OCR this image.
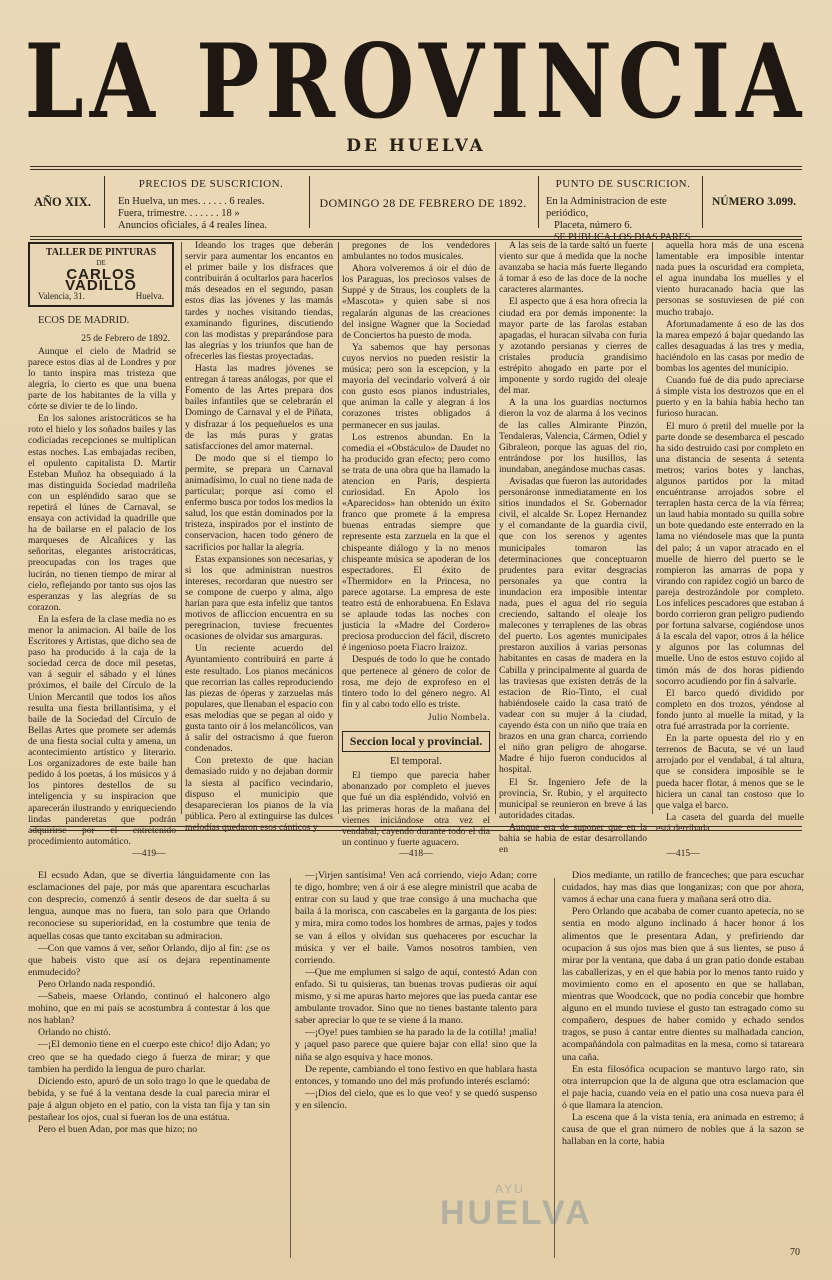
LA PROVINCIA
DE HUELVA
AÑO XIX.
PRECIOS DE SUSCRICION.
En Huelva, un mes. . . . . . 6 reales.
Fuera, trimestre. . . . . . . 18 »
Anuncios oficiales, á 4 reales línea.
DOMINGO 28 DE FEBRERO DE 1892.
PUNTO DE SUSCRICION.
En la Administracion de este periódico,
Placeta, número 6.
SE PUBLICA LOS DIAS PARES.
NÚMERO 3.099.
TALLER DE PINTURAS
DE
CARLOS VADILLO
Valencia, 31.	Huelva.
ECOS DE MADRID.
25 de Febrero de 1892.

Aunque el cielo de Madrid se parece estos dias al de Londres y por lo tanto inspira mas tristeza que alegría, lo cierto es que una buena parte de los habitantes de la villa y córte se divier te de lo lindo.

En los salones aristocráticos se ha roto el hielo y los soñados bailes y las codiciadas recepciones se multiplican estas noches. Las embajadas reciben, el opulento capitalista D. Martir Esteban Muñoz ha obsequiado á la mas distinguida Sociedad madrileña con un espléndido sarao que se repetirá el lúnes de Carnaval, se ensaya con actividad la quadrille que ha de bailarse en el palacio de los marqueses de Alcañices y las señoritas, elegantes aristocráticas, preocupadas con los trages que lucirán, no tienen tiempo de mirar al cielo, reflejando por tanto sus ojos las esperanzas y las alegrías de su corazon.

En la esfera de la clase media no es menor la animacion. Al baile de los Escritores y Artistas, que dicho sea de paso ha producido á la caja de la sociedad cerca de doce mil pesetas, van á seguir el sábado y el lúnes próximos, el baile del Círculo de la Union Mercantil que todos los años resulta una fiesta brillantísima, y el baile de la Sociedad del Círculo de Bellas Artes que promete ser además de una fiesta social culta y amena, un acontecimiento artístico y literario. Los organizadores de este baile han pedido á los poetas, á los músicos y á los pintores destellos de su inteligencia y su inspiracion que aparecerán ilustrando y enriqueciendo lindas panderetas que podrán adquirirse por el entretenido procedimiento automático.

Ideando los trages que deberán servir para aumentar los encantos en el primer baile y los disfraces que contribuirán á ocultarlos para hacerlos más deseados en el segundo, pasan estos dias las jóvenes y las mamás tardes y noches visitando tiendas, examinando figurines, discutiendo con las modistas y preparándose para las alegrías y los triunfos que han de ofrecerles las fiestas proyectadas.

Hasta las madres jóvenes se entregan á tareas análogas, por que el Fomento de las Artes prepara dos bailes infantiles que se celebrarán el Domingo de Carnaval y el de Piñata, y disfrazar á los pequeñuelos es una de las más puras y gratas satisfacciones del amor maternal.

De modo que si el tiempo lo permite, se prepara un Carnaval animadísimo, lo cual no tiene nada de particular; porque así como el enfermo busca por todos los medios la salud, los que están dominados por la tristeza, inspirados por el instinto de conservacion, hacen todo género de sacrificios por hallar la alegría.

Estas expansiones son necesarias, y si los que administran nuestros intereses, recordaran que nuestro ser se compone de cuerpo y alma, algo harían para que esta infeliz que tantos motivos de afliccion encuentra en su peregrinacion, tuviese frecuentes ocasiones de olvidar sus amarguras.

Un reciente acuerdo del Ayuntamiento contribuirá en parte á este resultado. Los pianos mecánicos que recorrian las calles reproduciendo las piezas de óperas y zarzuelas más populares, que llenaban el espacio con esas melodías que se pegan al oido y gusta tanto oir á los melancólicos, van á salir del ostracismo á que fueron condenados.

Con pretexto de que hacian demasiado ruido y no dejaban dormir la siesta al pacífico vecindario, dispuso el municipio que desaparecieran los pianos de la vía pública. Pero al extinguirse las dulces melodías quedaron esos cánticos y

pregones de los vendedores ambulantes no todos musicales.

Ahora volveremos á oir el dúo de los Paraguas, los preciosos valses de Suppé y de Straus, los couplets de la «Mascota» y quien sabe si nos regalarán algunas de las creaciones del insigne Wagner que la Sociedad de Conciertos ha puesto de moda.

Ya sabemos que hay personas cuyos nervios no pueden resistir la música; pero son la escepcion, y la mayoria del vecindario volverá á oir con gusto esos pianos industriales, que animan la calle y alegran á los corazones tristes obligados á permanecer en sus jaulas.

Los estrenos abundan. En la comedia el «Obstáculo» de Daudet no ha producido gran efecto; pero como se trata de una obra que ha llamado la atencion en París, despierta curiosidad. En Apolo los «Aparecidos» han obtenido un éxito franco que promete á la empresa buenas entradas siempre que represente esta zarzuela en la que el chispeante diálogo y la no menos chispeante música se apoderan de los espectadores. El éxito de «Thermidor» en la Princesa, no parece agotarse. La empresa de este teatro está de enhorabuena. En Eslava se aplaude todas las noches con justicia la «Madre del Cordero» preciosa produccion del fácil, discreto é ingenioso poeta Fiacro Iraizoz.

Después de todo lo que he contado que pertenece al género de color de rosa, me dejo de exprofeso en el tintero todo lo del género negro. Al fin y al cabo todo ello es triste.

Julio Nombela.
Seccion local y provincial.
El temporal.

El tiempo que parecia haber abonanzado por completo el jueves que fué un dia espléndido, volvió en las primeras horas de la mañana del viernes iniciándose otra vez el vendabal, cayendo durante todo el dia un continuo y fuerte aguacero.

A las seis de la tarde saltó un fuerte viento sur que á medida que la noche avanzaba se hacia más fuerte llegando á tomar á eso de las doce de la noche caracteres alarmantes.

El aspecto que á esa hora ofrecia la ciudad era por demás imponente: la mayor parte de las farolas estaban apagadas, el huracan silvaba con furia y azotando persianas y cierres de cristales producía grandísimo estrépito ahogado en parte por el imponente y sordo rugido del oleaje del mar.

A la una los guardias nocturnos dieron la voz de alarma á los vecinos de las calles Almirante Pinzón, Tendaleras, Valencia, Cármen, Odiel y Gibraleon, porque las aguas del rio, entrándose por los husillos, las inundaban, anegándose muchas casas.

Avisadas que fueron las autoridades personáronse inmediatamente en los sitios inundados el Sr. Gobernador civil, el alcalde Sr. Lopez Hernandez y el comandante de la guardia civil, que con los serenos y agentes municipales tomaron las determinaciones que conceptuaron prudentes para evitar desgracias personales ya que contra la inundacion era imposible intentar nada, pues el agua del rio seguia creciendo, saltando el oleaje los malecones y terraplenes de las obras del puerto. Los agentes municipales prestaron auxilios á varias personas habitantes en casas de madera en la Cabilla y principalmente al guarda de las traviesas que existen detrás de la estacion de Rio-Tinto, el cual habiéndosele caido la casa trató de vadear con su mujer á la ciudad, cayendo ésta con un niño que traía en brazos en una gran charca, corriendo el niño gran peligro de ahogarse. Madre é hijo fueron conducidos al hospital.

El Sr. Ingeniero Jefe de la provincia, Sr. Rubio, y el arquitecto municipal se reunieron en breve á las autoridades citadas.

Aunque era de suponer que en la bahía se habia de estar desarrollando en

aquella hora más de una escena lamentable era imposible intentar nada pues la oscuridad era completa, el agua inundaba los muelles y el viento huracanado hacia que las personas se sostuviesen de pié con mucho trabajo.

Afortunadamente á eso de las dos la marea empezó á bajar quedando las calles desaguadas á las tres y media, haciéndolo en las casas por medio de bombas los agentes del municipio.

Cuando fué de dia pudo apreciarse á simple vista los destrozos que en el puerto y en la bahía habia hecho tan furioso huracan.

El muro ó pretil del muelle por la parte donde se desembarca el pescado ha sido destruido casi por completo en una distancia de sesenta á setenta metros; varios botes y lanchas, algunos partidos por la mitad encuéntranse arrojados sobre el terraplen hasta cerca de la vía férrea; un laud habia montado su quilla sobre un bote quedando este enterrado en la lama no viéndosele mas que la punta del palo; á un vapor atracado en el muelle de hierro del puerto se le rompieron las amarras de popa y virando con rapidez cogió un barco de pareja destrozándole por completo. Los infelices pescadores que estaban á bordo corrieron gran peligro pudiendo por fortuna salvarse, cogiéndose unos á la escala del vapor, otros á la hélice y algunos por las columnas del muelle. Uno de estos estuvo cojido al timón más de dos horas pidiendo socorro acudiendo por fin á salvarle.

El barco quedó dividido por completo en dos trozos, yéndose al fondo junto al muelle la mitad, y la otra fué arrastrada por la corriente.

En la parte opuesta del rio y en terrenos de Bacuta, se vé un laud arrojado por el vendabal, á tal altura, que se considera imposible se le pueda hacer flotar, á menos que se le hiciera un canal tan costoso que lo que valga el barco.

La caseta del guarda del muelle está derribada.

—419—

El ecsudo Adan, que se divertia lánguidamente con las esclamaciones del paje, por más que aparentara escucharlas con desprecio, comenzó á sentir deseos de dar suelta á su lengua, aunque mas no fuera, tan solo para que Orlando reconociese su superioridad, en la costumbre que tenia de aquellas cosas que tanto excitaban su admiracion.

—Con que vamos á ver, señor Orlando, dijo al fin: ¿se os que habeis visto que así os dejara repentinamente enmudecido?

Pero Orlando nada respondió.

—Sabeis, maese Orlando, continuó el halconero algo mohino, que en mi país se acostumbra á contestar á los que nos hablan?

Orlando no chistó.

—¡El demonio tiene en el cuerpo este chico! dijo Adan; yo creo que se ha quedado ciego á fuerza de mirar; y que tambien ha perdido la lengua de puro charlar.

Diciendo esto, apuró de un solo trago lo que le quedaba de bebida, y se fué á la ventana desde la cual parecia mirar el paje á algun objeto en el patio, con la vista tan fija y tan sin pestañear los ojos, cual si fueran los de una estátua.

Pero el buen Adan, por mas que hizo; no

—418—

—¡Virjen santísima! Ven acá corriendo, viejo Adan; corre te digo, hombre; ven á oir á ese alegre ministril que acaba de entrar con su laud y que trae consigo á una muchacha que baila á la morisca, con cascabeles en la garganta de los pies: y mira, mira como todos los hombres de armas, pajes y todos se van á ellos y olvidan sus quehaceres por escuchar la música y ver el baile. Vamos nosotros tambien, ven corriendo.

—Que me emplumen si salgo de aquí, contestó Adan con enfado. Si tu quisieras, tan buenas trovas pudieras oir aquí mismo, y si me apuras harto mejores que las pueda cantar ese ambulante trovador. Sino que no tienes bastante talento para saber apreciar lo que te se viene á la mano.

—¡Oye! pues tambien se ha parado la de la cotilla! ¡malia! y ¡aquel paso parece que quiere bajar con ella! sino que la niña se algo esquiva y hace monos.

De repente, cambiando el tono festivo en que hablara hasta entonces, y tomando uno del más profundo interés esclamó:

—¡Dios del cielo, que es lo que veo! y se quedó suspenso y en silencio.

—415—

Dios mediante, un ratillo de franceches; que para escuchar cuidados, hay mas dias que longanizas; con que por ahora, vamos á echar una cana fuera y mañana será otro dia.

Pero Orlando que acababa de comer cuanto apetecía, no se sentia en modo alguno inclinado á hacer honor á los alimentos que le presentara Adan, y prefiriendo dar ocupacion á sus ojos mas bien que á sus lientes, se puso á mirar por la ventana, que daba á un gran patio donde estaban las caballerizas, y en el que habia por lo menos tanto ruido y movimiento como en el aposento en que se hallaban, mientras que Woodcock, que no podía concebir que hombre alguno en el mundo tuviese el gusto tan estragado como su compañero, despues de haber comido y echado sendos tragos, se puso á cantar entre dientes su malhadada cancion, acompañándola con palmaditas en la mesa, como si tatareara una caña.

En esta filosófica ocupacion se mantuvo largo rato, sin otra interrupcion que la de alguna que otra esclamacion que el paje hacia, cuando veia en el patio una cosa nueva para él ó que llamara la atencion.

La escena que á la vista tenía, era animada en estremo; á causa de que el gran número de nobles que á la sazon se hallaban en la corte, habia

AYU
HUELVA
70
